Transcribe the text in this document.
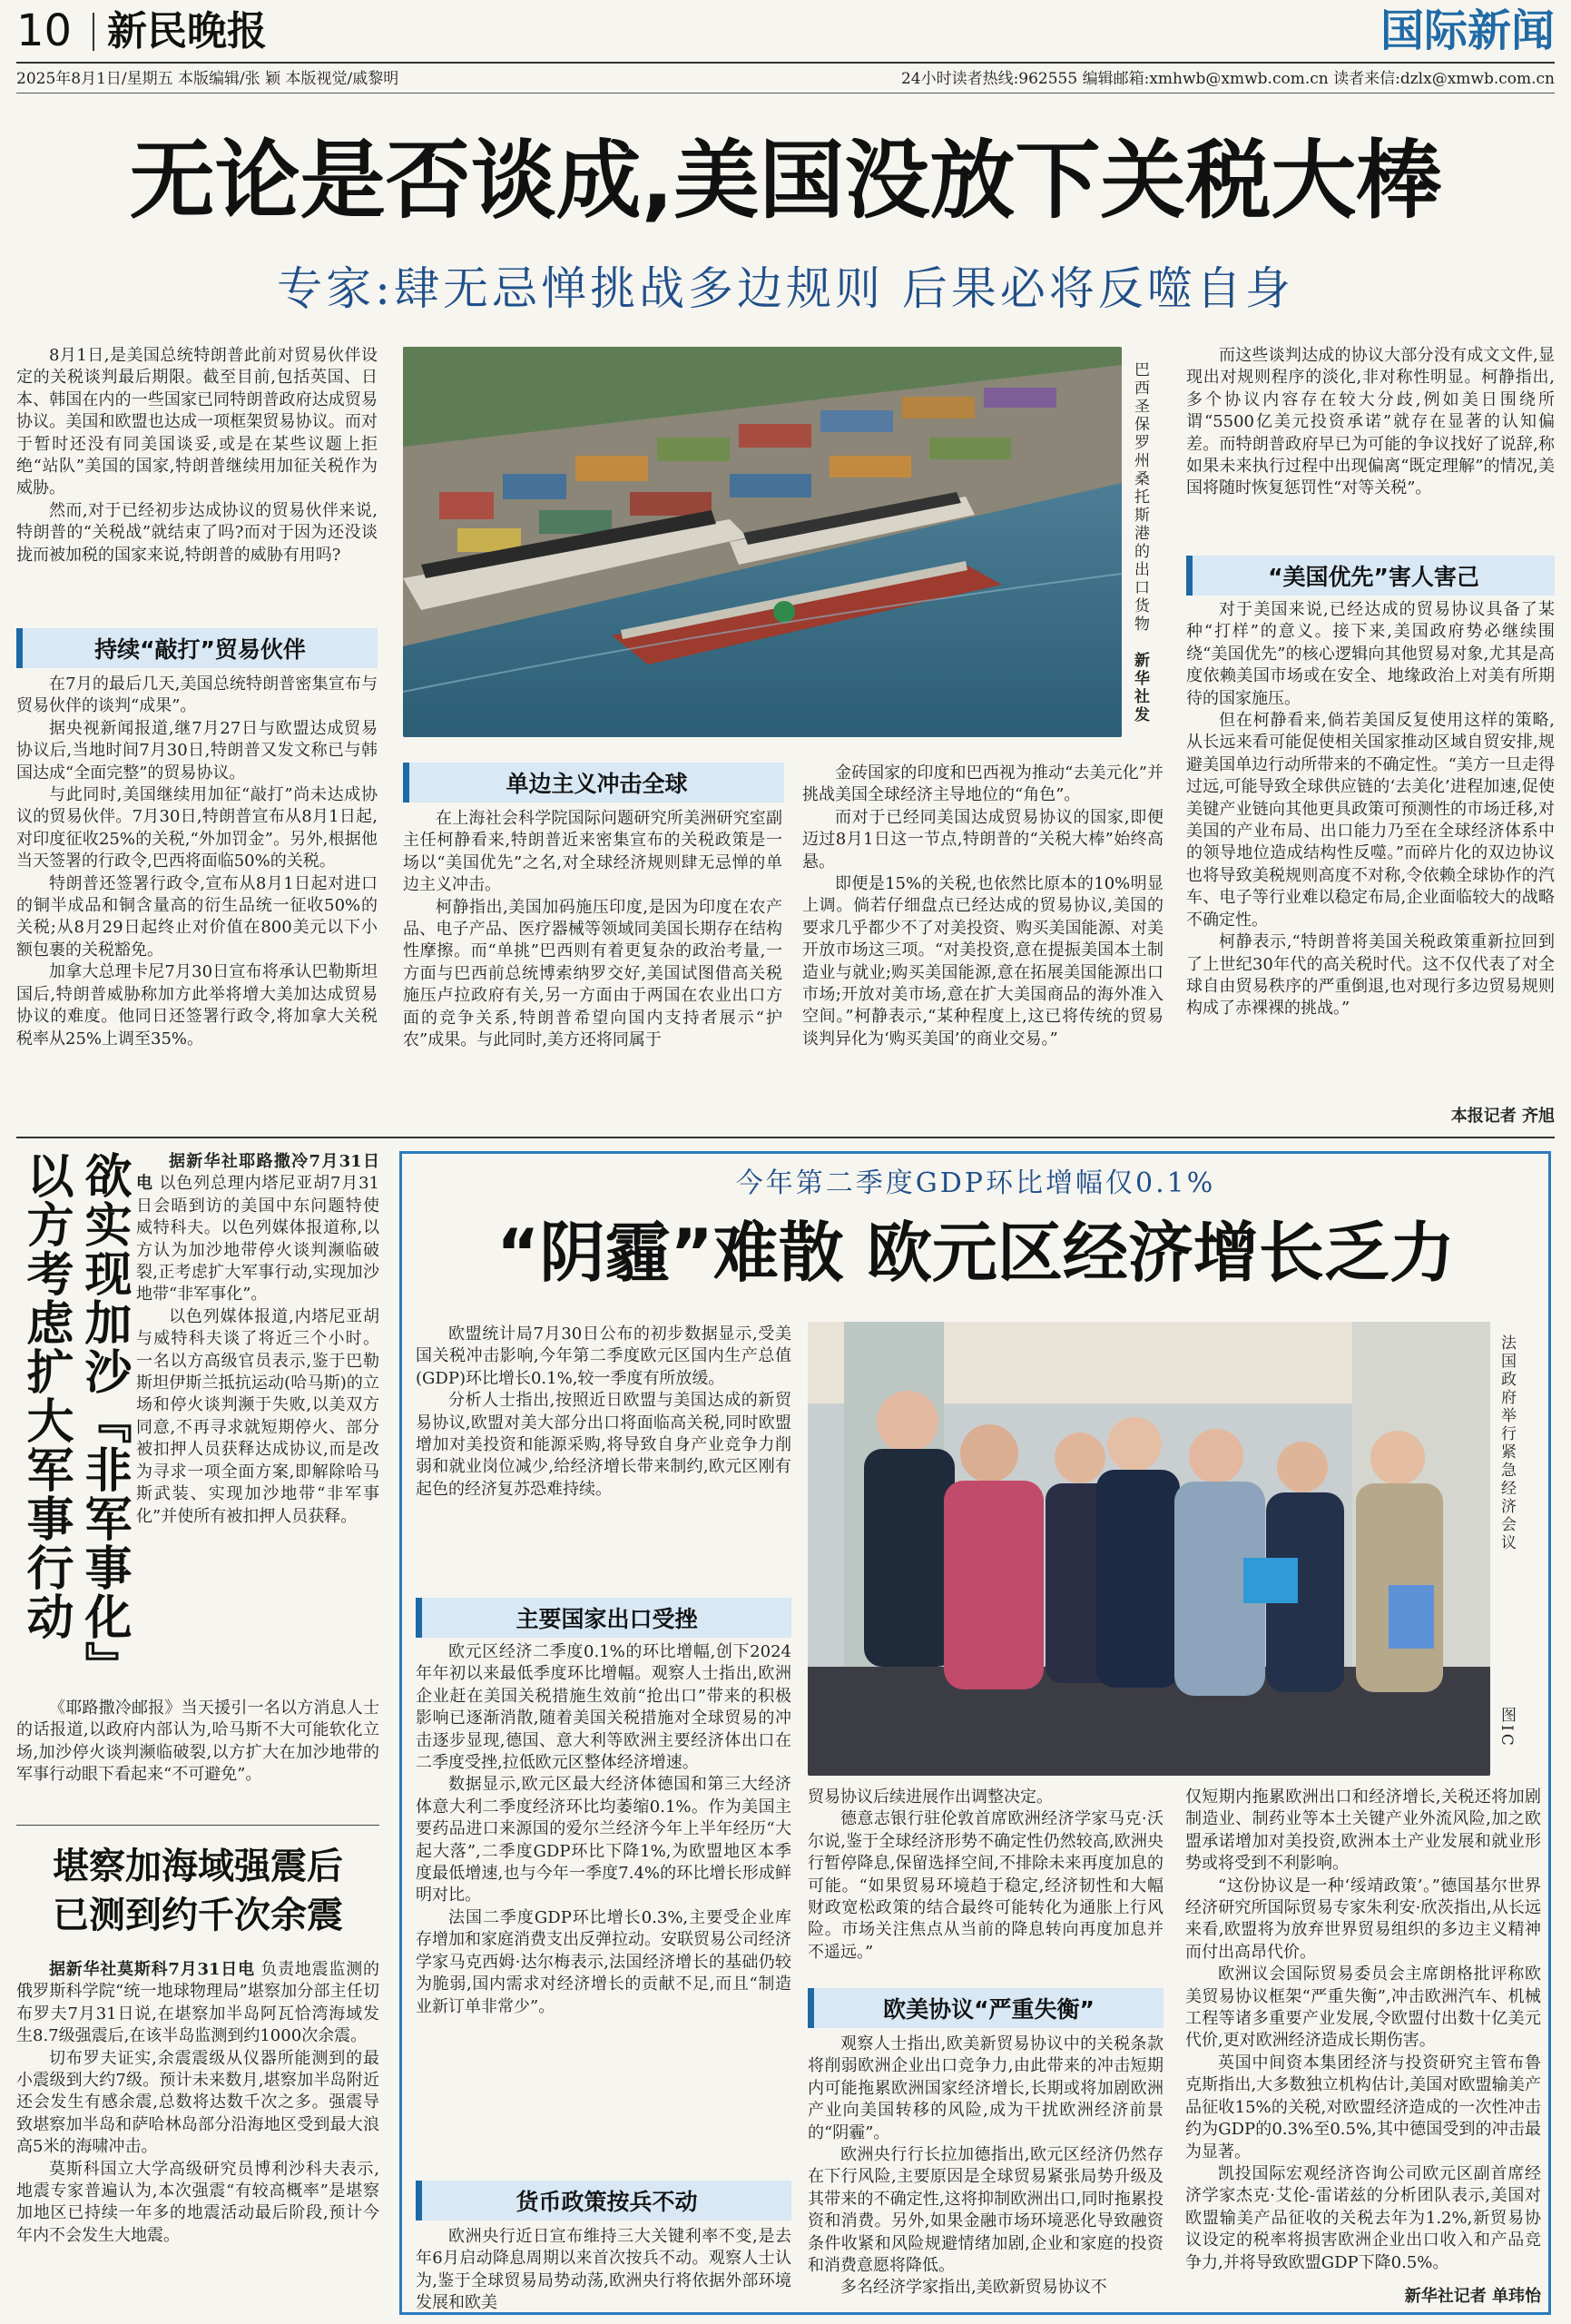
10 新民晚报	国际新闻
2025年8月1日/星期五 本版编辑/张 颖 本版视觉/戚黎明	24小时读者热线:962555 编辑邮箱:xmhwb@xmwb.com.cn 读者来信:dzlx@xmwb.com.cn
无论是否谈成,美国没放下关税大棒
专家:肆无忌惮挑战多边规则 后果必将反噬自身

8月1日,是美国总统特朗普此前对贸易伙伴设定的关税谈判最后期限。截至目前,包括英国、日本、韩国在内的一些国家已同特朗普政府达成贸易协议。美国和欧盟也达成一项框架贸易协议。而对于暂时还没有同美国谈妥,或是在某些议题上拒绝“站队”美国的国家,特朗普继续用加征关税作为威胁。

然而,对于已经初步达成协议的贸易伙伴来说,特朗普的“关税战”就结束了吗?而对于因为还没谈拢而被加税的国家来说,特朗普的威胁有用吗?

持续“敲打”贸易伙伴

在7月的最后几天,美国总统特朗普密集宣布与贸易伙伴的谈判“成果”。

据央视新闻报道,继7月27日与欧盟达成贸易协议后,当地时间7月30日,特朗普又发文称已与韩国达成“全面完整”的贸易协议。

与此同时,美国继续用加征“敲打”尚未达成协议的贸易伙伴。7月30日,特朗普宣布从8月1日起,对印度征收25%的关税,“外加罚金”。另外,根据他当天签署的行政令,巴西将面临50%的关税。

特朗普还签署行政令,宣布从8月1日起对进口的铜半成品和铜含量高的衍生品统一征收50%的关税;从8月29日起终止对价值在800美元以下小额包裹的关税豁免。

加拿大总理卡尼7月30日宣布将承认巴勒斯坦国后,特朗普威胁称加方此举将增大美加达成贸易协议的难度。他同日还签署行政令,将加拿大关税税率从25%上调至35%。

巴西圣保罗州桑托斯港的出口货物
新华社发
单边主义冲击全球

在上海社会科学院国际问题研究所美洲研究室副主任柯静看来,特朗普近来密集宣布的关税政策是一场以“美国优先”之名,对全球经济规则肆无忌惮的单边主义冲击。

柯静指出,美国加码施压印度,是因为印度在农产品、电子产品、医疗器械等领域同美国长期存在结构性摩擦。而“单挑”巴西则有着更复杂的政治考量,一方面与巴西前总统博索纳罗交好,美国试图借高关税施压卢拉政府有关,另一方面由于两国在农业出口方面的竞争关系,特朗普希望向国内支持者展示“护农”成果。与此同时,美方还将同属于

金砖国家的印度和巴西视为推动“去美元化”并挑战美国全球经济主导地位的“角色”。

而对于已经同美国达成贸易协议的国家,即便迈过8月1日这一节点,特朗普的“关税大棒”始终高悬。

即便是15%的关税,也依然比原本的10%明显上调。倘若仔细盘点已经达成的贸易协议,美国的要求几乎都少不了对美投资、购买美国能源、对美开放市场这三项。“对美投资,意在提振美国本土制造业与就业;购买美国能源,意在拓展美国能源出口市场;开放对美市场,意在扩大美国商品的海外准入空间。”柯静表示,“某种程度上,这已将传统的贸易谈判异化为‘购买美国’的商业交易。”

而这些谈判达成的协议大部分没有成文文件,显现出对规则程序的淡化,非对称性明显。柯静指出,多个协议内容存在较大分歧,例如美日围绕所谓“5500亿美元投资承诺”就存在显著的认知偏差。而特朗普政府早已为可能的争议找好了说辞,称如果未来执行过程中出现偏离“既定理解”的情况,美国将随时恢复惩罚性“对等关税”。

“美国优先”害人害己

对于美国来说,已经达成的贸易协议具备了某种“打样”的意义。接下来,美国政府势必继续围绕“美国优先”的核心逻辑向其他贸易对象,尤其是高度依赖美国市场或在安全、地缘政治上对美有所期待的国家施压。

但在柯静看来,倘若美国反复使用这样的策略,从长远来看可能促使相关国家推动区域自贸安排,规避美国单边行动所带来的不确定性。“美方一旦走得过远,可能导致全球供应链的‘去美化’进程加速,促使美键产业链向其他更具政策可预测性的市场迁移,对美国的产业布局、出口能力乃至在全球经济体系中的领导地位造成结构性反噬。”而碎片化的双边协议也将导致美税规则高度不对称,令依赖全球协作的汽车、电子等行业难以稳定布局,企业面临较大的战略不确定性。

柯静表示,“特朗普将美国关税政策重新拉回到了上世纪30年代的高关税时代。这不仅代表了对全球自由贸易秩序的严重倒退,也对现行多边贸易规则构成了赤裸裸的挑战。”

本报记者 齐旭
欲实现加沙『非军事化』
以方考虑扩大军事行动	据新华社耶路撒冷7月31日电 以色列总理内塔尼亚胡7月31日会晤到访的美国中东问题特使威特科夫。以色列媒体报道称,以方认为加沙地带停火谈判濒临破裂,正考虑扩大军事行动,实现加沙地带“非军事化”。

以色列媒体报道,内塔尼亚胡与威特科夫谈了将近三个小时。一名以方高级官员表示,鉴于巴勒斯坦伊斯兰抵抗运动(哈马斯)的立场和停火谈判濒于失败,以美双方同意,不再寻求就短期停火、部分被扣押人员获释达成协议,而是改为寻求一项全面方案,即解除哈马斯武装、实现加沙地带“非军事化”并使所有被扣押人员获释。

《耶路撒冷邮报》当天援引一名以方消息人士的话报道,以政府内部认为,哈马斯不大可能软化立场,加沙停火谈判濒临破裂,以方扩大在加沙地带的军事行动眼下看起来“不可避免”。

堪察加海域强震后
已测到约千次余震

据新华社莫斯科7月31日电 负责地震监测的俄罗斯科学院“统一地球物理局”堪察加分部主任切布罗夫7月31日说,在堪察加半岛阿瓦恰湾海域发生8.7级强震后,在该半岛监测到约1000次余震。

切布罗夫证实,余震震级从仪器所能测到的最小震级到大约7级。预计未来数月,堪察加半岛附近还会发生有感余震,总数将达数千次之多。强震导致堪察加半岛和萨哈林岛部分沿海地区受到最大浪高5米的海啸冲击。

莫斯科国立大学高级研究员博利沙科夫表示,地震专家普遍认为,本次强震“有较高概率”是堪察加地区已持续一年多的地震活动最后阶段,预计今年内不会发生大地震。

今年第二季度GDP环比增幅仅0.1%
“阴霾”难散 欧元区经济增长乏力
法国政府举行紧急经济会议
图IC

欧盟统计局7月30日公布的初步数据显示,受美国关税冲击影响,今年第二季度欧元区国内生产总值(GDP)环比增长0.1%,较一季度有所放缓。

分析人士指出,按照近日欧盟与美国达成的新贸易协议,欧盟对美大部分出口将面临高关税,同时欧盟增加对美投资和能源采购,将导致自身产业竞争力削弱和就业岗位减少,给经济增长带来制约,欧元区刚有起色的经济复苏恐难持续。

主要国家出口受挫

欧元区经济二季度0.1%的环比增幅,创下2024年年初以来最低季度环比增幅。观察人士指出,欧洲企业赶在美国关税措施生效前“抢出口”带来的积极影响已逐渐消散,随着美国关税措施对全球贸易的冲击逐步显现,德国、意大利等欧洲主要经济体出口在二季度受挫,拉低欧元区整体经济增速。

数据显示,欧元区最大经济体德国和第三大经济体意大利二季度经济环比均萎缩0.1%。作为美国主要药品进口来源国的爱尔兰经济今年上半年经历“大起大落”,二季度GDP环比下降1%,为欧盟地区本季度最低增速,也与今年一季度7.4%的环比增长形成鲜明对比。

法国二季度GDP环比增长0.3%,主要受企业库存增加和家庭消费支出反弹拉动。安联贸易公司经济学家马克西姆·达尔梅表示,法国经济增长的基础仍较为脆弱,国内需求对经济增长的贡献不足,而且“制造业新订单非常少”。

货币政策按兵不动

欧洲央行近日宣布维持三大关键利率不变,是去年6月启动降息周期以来首次按兵不动。观察人士认为,鉴于全球贸易局势动荡,欧洲央行将依据外部环境发展和欧美

贸易协议后续进展作出调整决定。

德意志银行驻伦敦首席欧洲经济学家马克·沃尔说,鉴于全球经济形势不确定性仍然较高,欧洲央行暂停降息,保留选择空间,不排除未来再度加息的可能。“如果贸易环境趋于稳定,经济韧性和大幅财政宽松政策的结合最终可能转化为通胀上行风险。市场关注焦点从当前的降息转向再度加息并不遥远。”

欧美协议“严重失衡”

观察人士指出,欧美新贸易协议中的关税条款将削弱欧洲企业出口竞争力,由此带来的冲击短期内可能拖累欧洲国家经济增长,长期或将加剧欧洲产业向美国转移的风险,成为干扰欧洲经济前景的“阴霾”。

欧洲央行行长拉加德指出,欧元区经济仍然存在下行风险,主要原因是全球贸易紧张局势升级及其带来的不确定性,这将抑制欧洲出口,同时拖累投资和消费。另外,如果金融市场环境恶化导致融资条件收紧和风险规避情绪加剧,企业和家庭的投资和消费意愿将降低。

多名经济学家指出,美欧新贸易协议不

仅短期内拖累欧洲出口和经济增长,关税还将加剧制造业、制药业等本土关键产业外流风险,加之欧盟承诺增加对美投资,欧洲本土产业发展和就业形势或将受到不利影响。

“这份协议是一种‘绥靖政策’。”德国基尔世界经济研究所国际贸易专家朱利安·欣茨指出,从长远来看,欧盟将为放弃世界贸易组织的多边主义精神而付出高昂代价。

欧洲议会国际贸易委员会主席朗格批评称欧美贸易协议框架“严重失衡”,冲击欧洲汽车、机械工程等诸多重要产业发展,令欧盟付出数十亿美元代价,更对欧洲经济造成长期伤害。

英国中间资本集团经济与投资研究主管布鲁克斯指出,大多数独立机构估计,美国对欧盟输美产品征收15%的关税,对欧盟经济造成的一次性冲击约为GDP的0.3%至0.5%,其中德国受到的冲击最为显著。

凯投国际宏观经济咨询公司欧元区副首席经济学家杰克·艾伦-雷诺兹的分析团队表示,美国对欧盟输美产品征收的关税去年为1.2%,新贸易协议设定的税率将损害欧洲企业出口收入和产品竞争力,并将导致欧盟GDP下降0.5%。

新华社记者 单玮怡
